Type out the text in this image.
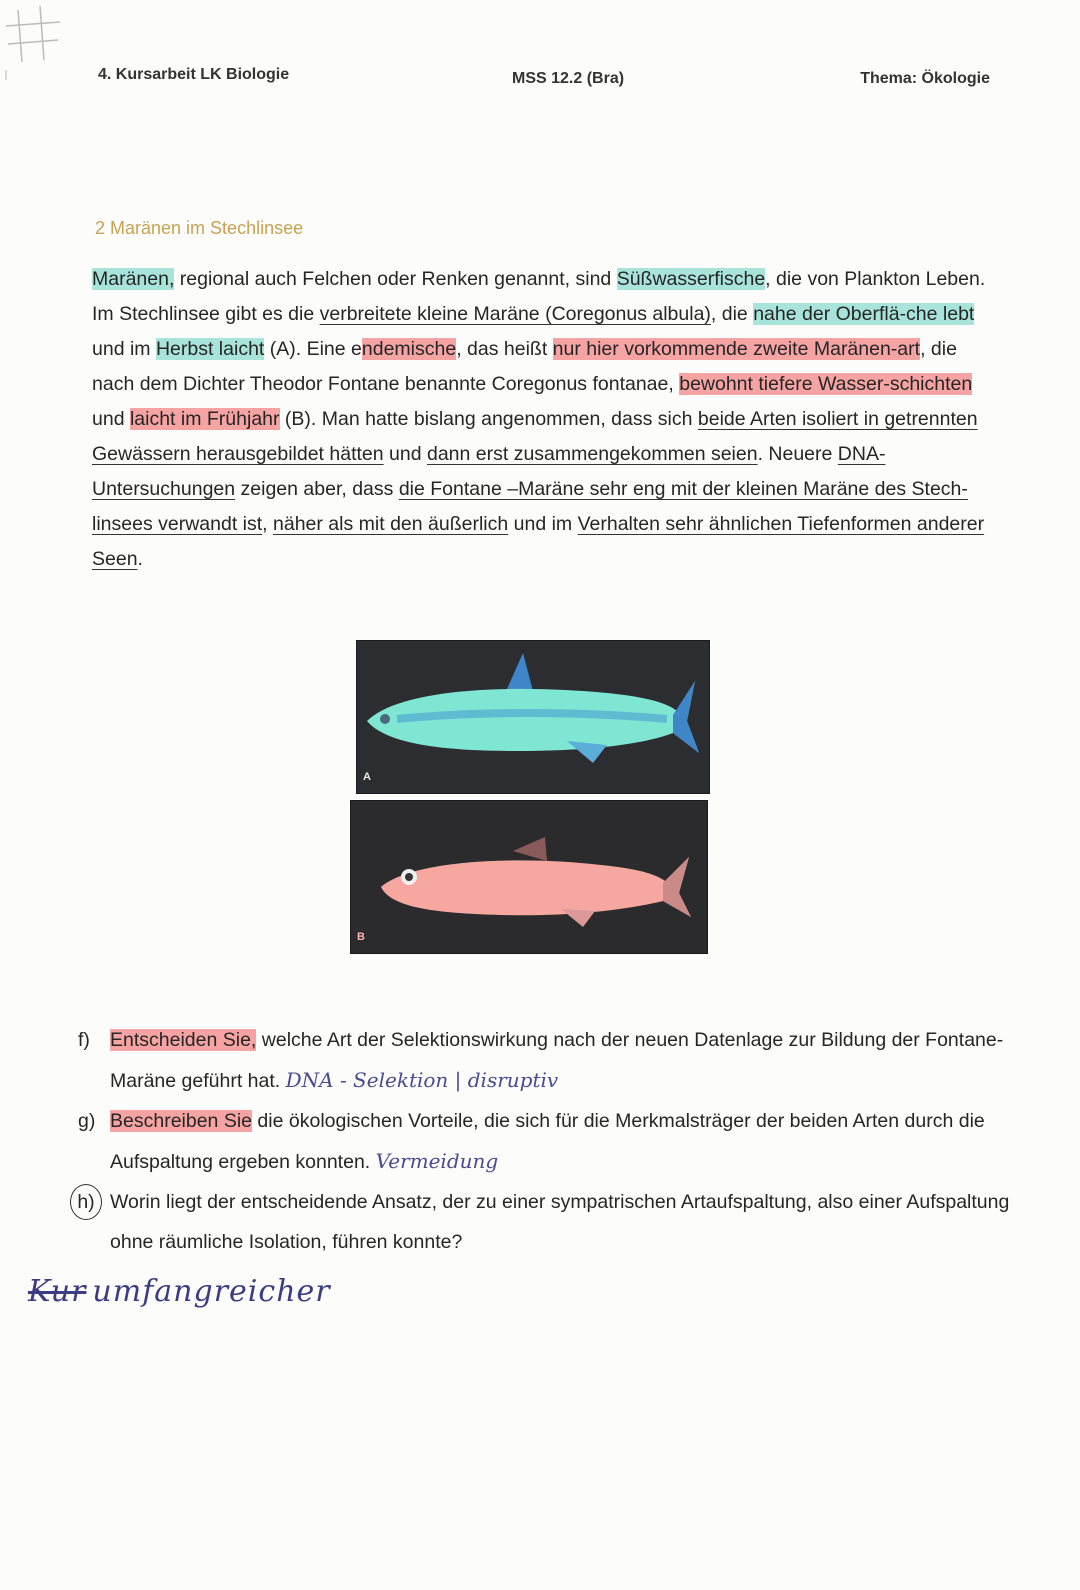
4. Kursarbeit LK Biologie	MSS 12.2 (Bra)	Thema: Ökologie
2 Maränen im Stechlinsee
Maränen, regional auch Felchen oder Renken genannt, sind Süßwasserfische, die von Plankton Leben. Im Stechlinsee gibt es die verbreitete kleine Maräne (Coregonus albula), die nahe der Oberflä-che lebt und im Herbst laicht (A). Eine endemische, das heißt nur hier vorkommende zweite Maränen-art, die nach dem Dichter Theodor Fontane benannte Coregonus fontanae, bewohnt tiefere Wasser-schichten und laicht im Frühjahr (B). Man hatte bislang angenommen, dass sich beide Arten isoliert in getrennten Gewässern herausgebildet hätten und dann erst zusammengekommen seien. Neuere DNA-Untersuchungen zeigen aber, dass die Fontane –Maräne sehr eng mit der kleinen Maräne des Stech-linsees verwandt ist, näher als mit den äußerlich und im Verhalten sehr ähnlichen Tiefenformen anderer Seen.
A
B
f) Entscheiden Sie, welche Art der Selektionswirkung nach der neuen Datenlage zur Bildung der Fontane-Maräne geführt hat. DNA - Selektion | disruptiv
g) Beschreiben Sie die ökologischen Vorteile, die sich für die Merkmalsträger der beiden Arten durch die Aufspaltung ergeben konnten. Vermeidung
h) Worin liegt der entscheidende Ansatz, der zu einer sympatrischen Artaufspaltung, also einer Aufspaltung ohne räumliche Isolation, führen konnte?
Kur umfangreicher
